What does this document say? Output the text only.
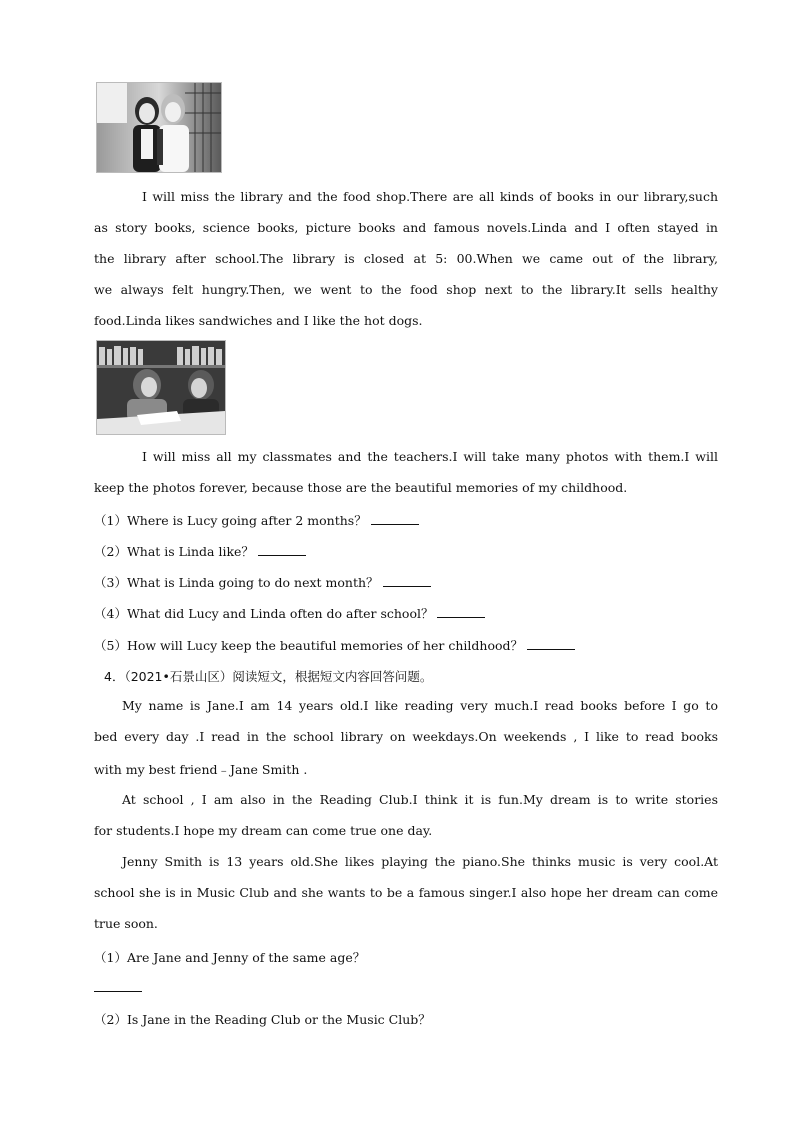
I will miss the library and the food shop.There are all kinds of books in our library,such
as story books, science books, picture books and famous novels.Linda and I often stayed in
the library after school.The library is closed at 5: 00.When we came out of the library,
we always felt hungry.Then, we went to the food shop next to the library.It sells healthy
food.Linda likes sandwiches and I like the hot dogs.
I will miss all my classmates and the teachers.I will take many photos with them.I will
keep the photos forever, because those are the beautiful memories of my childhood.
（1）Where is Lucy going after 2 months？
（2）What is Linda like？
（3）What is Linda going to do next month？
（4）What did Lucy and Linda often do after school？
（5）How will Lucy keep the beautiful memories of her childhood？
4．（2021•石景山区）阅读短文，根据短文内容回答问题。
My name is Jane.I am 14 years old.I like reading very much.I read books before I go to
bed every day .I read in the school library on weekdays.On weekends , I like to read books
with my best friend﹣Jane Smith .
At school , I am also in the Reading Club.I think it is fun.My dream is to write stories
for students.I hope my dream can come true one day.
Jenny Smith is 13 years old.She likes playing the piano.She thinks music is very cool.At
school she is in Music Club and she wants to be a famous singer.I also hope her dream can come
true soon.
（1）Are Jane and Jenny of the same age？
（2）Is Jane in the Reading Club or the Music Club？
